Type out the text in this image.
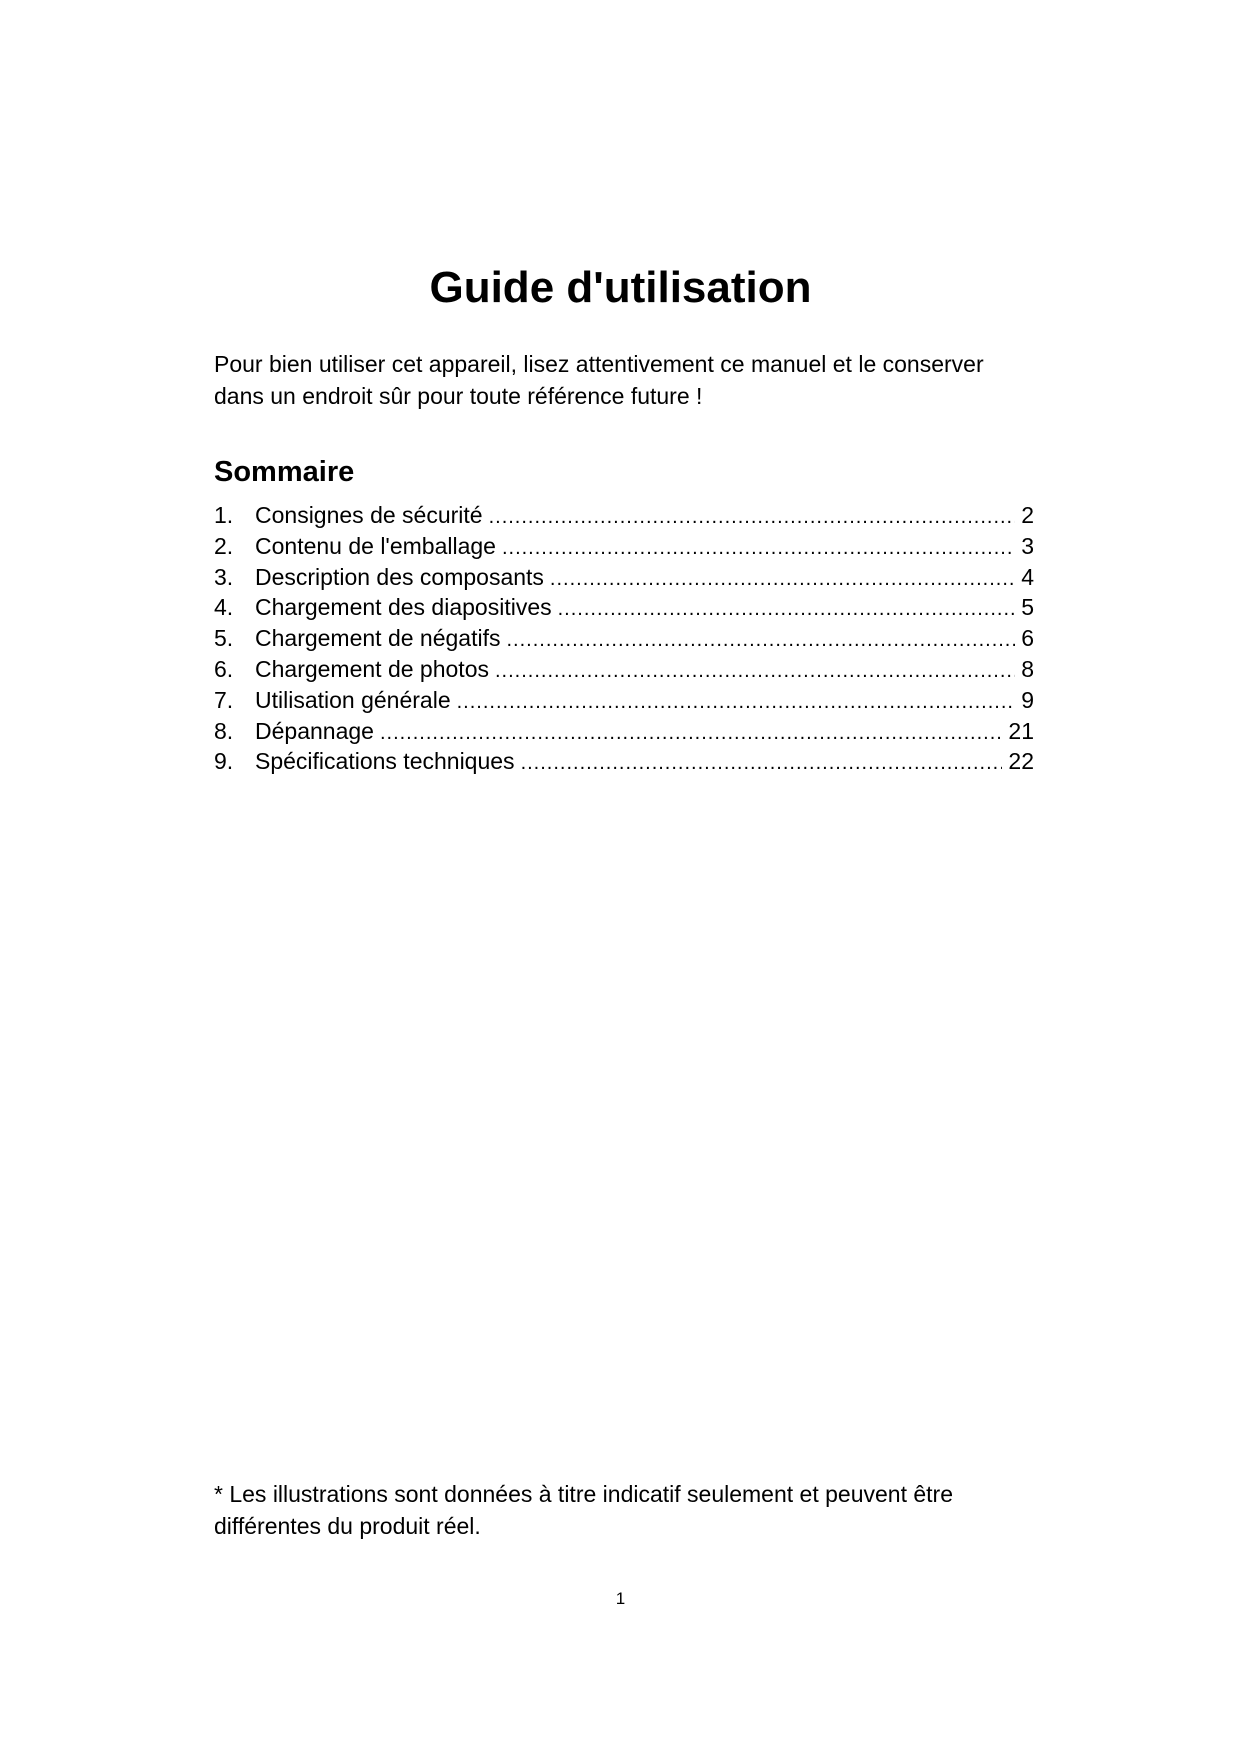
Guide d'utilisation

Pour bien utiliser cet appareil, lisez attentivement ce manuel et le conserver

dans un endroit sûr pour toute référence future !

Sommaire
1. Consignes de sécurité .....	2
2. Contenu de l'emballage .....	3
3. Description des composants .....	4
4. Chargement des diapositives .....	5
5. Chargement de négatifs .....	6
6. Chargement de photos .....	8
7. Utilisation générale .....	9
8. Dépannage .....	21
9. Spécifications techniques .....	22

* Les illustrations sont données à titre indicatif seulement et peuvent être

différentes du produit réel.

1
